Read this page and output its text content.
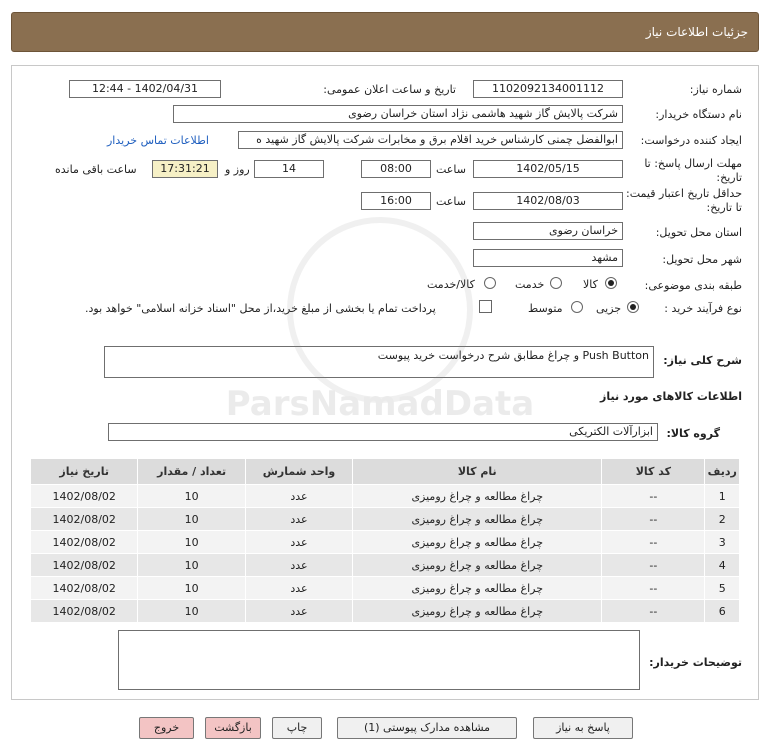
جزئیات اطلاعات نیاز
شماره نیاز:
1102092134001112
تاریخ و ساعت اعلان عمومی:
1402/04/31 - 12:44
نام دستگاه خریدار:
شرکت پالایش گاز شهید هاشمی نژاد استان خراسان رضوی
ایجاد کننده درخواست:
ابوالفضل چمنی کارشناس خرید اقلام برق و مخابرات شرکت پالایش گاز شهید ه
اطلاعات تماس خریدار
مهلت ارسال پاسخ: تا تاریخ:
1402/05/15
ساعت
08:00
14
روز و
17:31:21
ساعت باقی مانده
حداقل تاریخ اعتبار قیمت: تا تاریخ:
1402/08/03
ساعت
16:00
استان محل تحویل:
خراسان رضوی
شهر محل تحویل:
مشهد
طبقه بندی موضوعی:
کالا
خدمت
کالا/خدمت
نوع فرآیند خرید :
جزیی
متوسط
پرداخت تمام یا بخشی از مبلغ خرید،از محل "اسناد خزانه اسلامی" خواهد بود.
شرح کلی نیاز:
Push Button و چراغ مطابق شرح درخواست خرید پیوست
اطلاعات کالاهای مورد نیاز
گروه کالا:
ابزارآلات الکتریکی
ردیف	کد کالا	نام کالا	واحد شمارش	تعداد / مقدار	تاریخ نیاز
1	--	چراغ مطالعه و چراغ رومیزی	عدد	10	1402/08/02
2	--	چراغ مطالعه و چراغ رومیزی	عدد	10	1402/08/02
3	--	چراغ مطالعه و چراغ رومیزی	عدد	10	1402/08/02
4	--	چراغ مطالعه و چراغ رومیزی	عدد	10	1402/08/02
5	--	چراغ مطالعه و چراغ رومیزی	عدد	10	1402/08/02
6	--	چراغ مطالعه و چراغ رومیزی	عدد	10	1402/08/02
توضیحات خریدار:
پاسخ به نیاز
مشاهده مدارک پیوستی (1)
چاپ
بازگشت
خروج
